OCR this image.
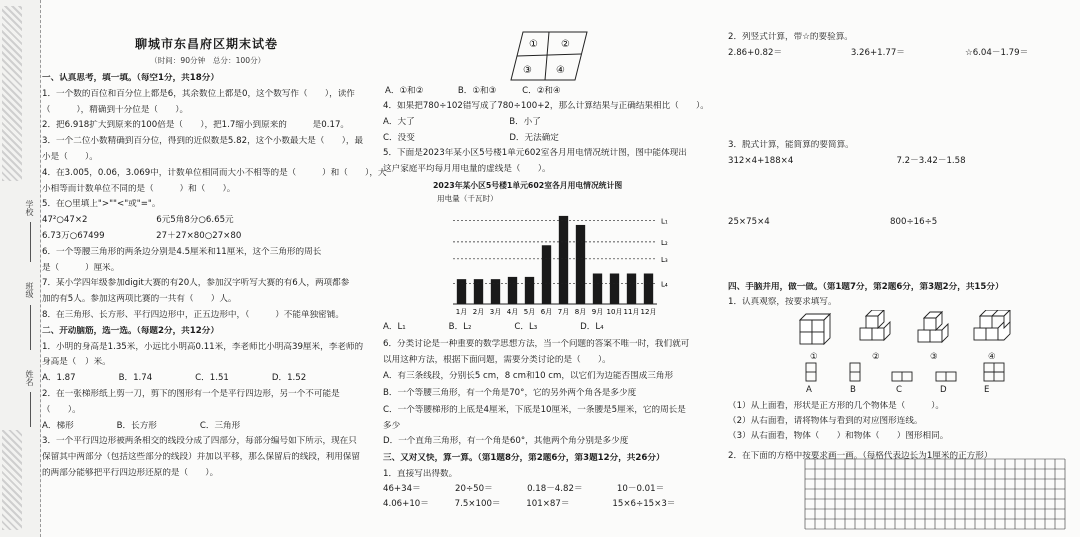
学校
班级
姓名
聊城市东昌府区期末试卷
（时间：90分钟　总分：100分）
一、认真思考，填一填。（每空1分，共18分）
1．一个数的百位和百分位上都是6，其余数位上都是0，这个数写作（　　），读作
（　　　），精确到十分位是（　　）。
2．把6.918扩大到原来的100倍是（　　），把1.7缩小到原来的　　　是0.17。
3．一个二位小数精确到百分位，得到的近似数是5.82，这个小数最大是（　　），最
小是（　　）。
4．在3.005，0.06，3.069中，计数单位相同而大小不相等的是（　　　）和（　　），大
小相等而计数单位不同的是（　　　）和（　　）。
5．在○里填上">""<"或"="。
47²○47×2　　　　　　　　6元5角8分○6.65元
6.73万○67499　　　　　　27＋27×80○27×80
6．一个等腰三角形的两条边分别是4.5厘米和11厘米，这个三角形的周长
是（　　　）厘米。
7．某小学四年级参加digit大赛的有20人，参加汉字听写大赛的有6人，两项都参
加的有5人。参加这两项比赛的一共有（　　）人。
8．在三角形、长方形、平行四边形中，正五边形中，（　　　）不能单独密铺。
二、开动脑筋，选一选。（每题2分，共12分）
1．小明的身高是1.35米，小远比小明高0.11米，李老师比小明高39厘米，李老师的
身高是（　）米。
A．1.87　　　　　B．1.74　　　　　C．1.51　　　　　D．1.52
2．在一张梯形纸上剪一刀，剪下的图形有一个是平行四边形，另一个不可能是
（　　）。
A．梯形　　　　　B．长方形　　　　　C．三角形
3．一个平行四边形被两条相交的线段分成了四部分，每部分编号如下所示，现在只
保留其中两部分（包括这些部分的线段）并加以平移，那么保留后的线段，利用保留
的两部分能够把平行四边形还原的是（　　）。
① ②
③ ④
A．①和②　　　　B．①和③　　　C．②和④
4．如果把780÷102错写成了780÷100+2，那么计算结果与正确结果相比（　　）。
A．大了　　　　　　　　　　　B．小了
C．没变　　　　　　　　　　　D．无法确定
5．下面是2023年某小区5号楼1单元602室各月用电情况统计图，图中能体现出
这户家庭平均每月用电量的虚线是（　　）。
2023年某小区5号楼1单元602室各月用电情况统计图
用电量（千瓦时）
1月 2月 3月 4月 5月 6月 7月 8月 9月 10月 11月 12月
L₁
L₂
L₃
L₄
A．L₁　　　　　B．L₂　　　　　C．L₃　　　　　D．L₄
6．分类讨论是一种重要的数学思想方法，当一个问题的答案不唯一时，我们就可
以用这种方法，根据下面问题，需要分类讨论的是（　　）。
A．有三条线段，分别长5 cm，8 cm和10 cm，以它们为边能否围成三角形
B．一个等腰三角形，有一个角是70°，它的另外两个角各是多少度
C．一个等腰梯形的上底是4厘米，下底是10厘米，一条腰是5厘米，它的周长是
多少
D．一个直角三角形，有一个角是60°，其他两个角分别是多少度
三、又对又快，算一算。（第1题8分，第2题6分，第3题12分，共26分）
1．直接写出得数。
46+34＝　　　　20÷50＝　　　　0.18－4.82＝　　　　10－0.01＝
4.06+10＝　　　7.5×100＝　　　101×87＝　　　　　15×6÷15×3＝
2．列竖式计算，带☆的要验算。
2.86+0.82＝　　　　　　　　3.26+1.77＝　　　　　　　☆6.04－1.79＝
3．脱式计算，能简算的要简算。
312×4+188×4　　　　　　　　　　　　7.2－3.42－1.58
25×75×4　　　　　　　　　　　　　　800÷16÷5
四、手脑并用，做一做。（第1题7分，第2题6分，第3题2分，共15分）
1．认真观察，按要求填写。
（1）从上面看，形状是正方形的几个物体是（　　　）。
（2）从右面看，请将物体与看到的对应图形连线。
（3）从右面看，物体（　　）和物体（　　）图形相同。
2．在下面的方格中按要求画一画。（每格代表边长为1厘米的正方形）
①	②	③	④
A	B	C	D	E
